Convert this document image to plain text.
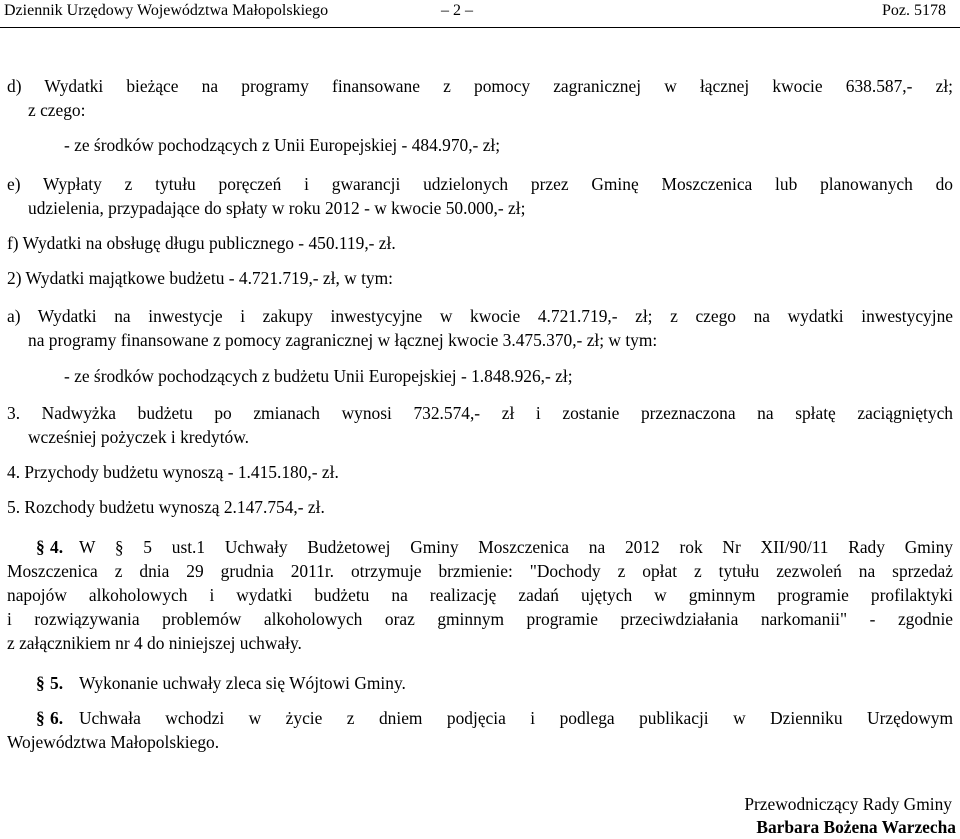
Dziennik Urzędowy Województwa Małopolskiego	– 2 –	Poz. 5178
d) Wydatki bieżące na programy finansowane z pomocy zagranicznej w łącznej kwocie 638.587,- zł;
z czego:
- ze środków pochodzących z Unii Europejskiej - 484.970,- zł;
e) Wypłaty z tytułu poręczeń i gwarancji udzielonych przez Gminę Moszczenica lub planowanych do
udzielenia, przypadające do spłaty w roku 2012 - w kwocie 50.000,- zł;
f) Wydatki na obsługę długu publicznego - 450.119,- zł.
2) Wydatki majątkowe budżetu - 4.721.719,- zł, w tym:
a) Wydatki na inwestycje i zakupy inwestycyjne w kwocie 4.721.719,- zł; z czego na wydatki inwestycyjne
na programy finansowane z pomocy zagranicznej w łącznej kwocie 3.475.370,- zł; w tym:
- ze środków pochodzących z budżetu Unii Europejskiej - 1.848.926,- zł;
3. Nadwyżka budżetu po zmianach wynosi 732.574,- zł i zostanie przeznaczona na spłatę zaciągniętych
wcześniej pożyczek i kredytów.
4. Przychody budżetu wynoszą - 1.415.180,- zł.
5. Rozchody budżetu wynoszą 2.147.754,- zł.
§ 4. W § 5 ust.1 Uchwały Budżetowej Gminy Moszczenica na 2012 rok Nr XII/90/11 Rady Gminy
Moszczenica z dnia 29 grudnia 2011r. otrzymuje brzmienie: "Dochody z opłat z tytułu zezwoleń na sprzedaż
napojów alkoholowych i wydatki budżetu na realizację zadań ujętych w gminnym programie profilaktyki
i rozwiązywania problemów alkoholowych oraz gminnym programie przeciwdziałania narkomanii" - zgodnie
z załącznikiem nr 4 do niniejszej uchwały.
§ 5. Wykonanie uchwały zleca się Wójtowi Gminy.
§ 6. Uchwała wchodzi w życie z dniem podjęcia i podlega publikacji w Dzienniku Urzędowym
Województwa Małopolskiego.
Przewodniczący Rady Gminy
Barbara Bożena Warzecha
